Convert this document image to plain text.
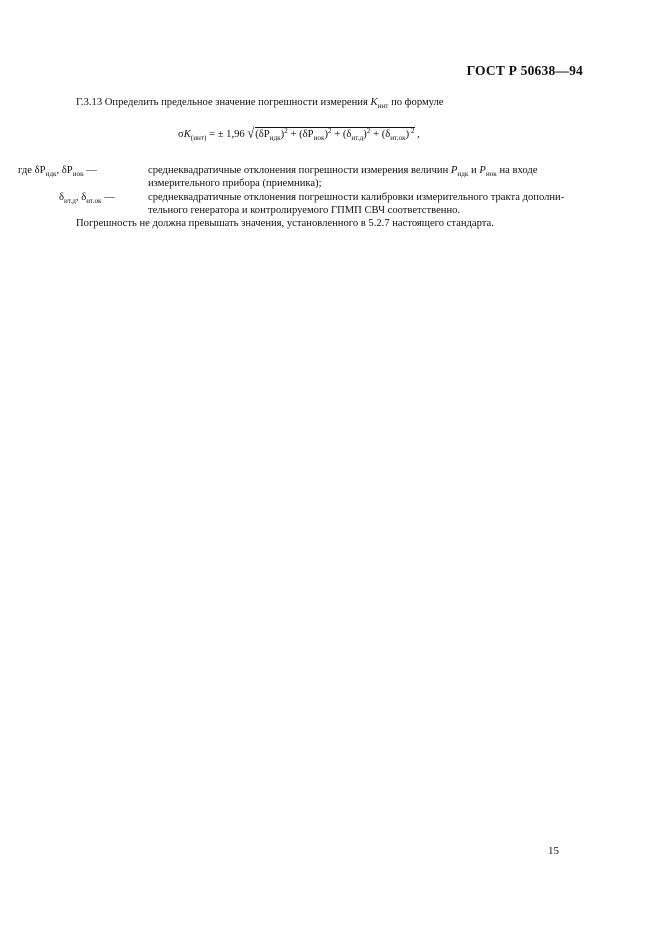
ГОСТ Р 50638—94
Г.3.13 Определить предельное значение погрешности измерения $K_{инт}$ по формуле
$\sigma K_{(инт)}$ = ± 1,96 $√(\delta P_{идк})^2 + (\delta P_{иок})^2 + (\delta_{ит.д})^2 + (\delta_{ит.ок})$ $^2$ ,
где $\delta P_{идк}$, $\delta P_{иок}$ —	среднеквадратичные отклонения погрешности измерения величин $P_{идк}$ и $P_{иок}$ на входе
измерительного прибора (приемника);
$\delta_{ит.д}$, $\delta_{ит.ок}$ —	среднеквадратичные отклонения погрешности калибровки измерительного тракта дополни-
тельного генератора и контролируемого ГПМП СВЧ соответственно.
Погрешность не должна превышать значения, установленного в 5.2.7 настоящего стандарта.
15
